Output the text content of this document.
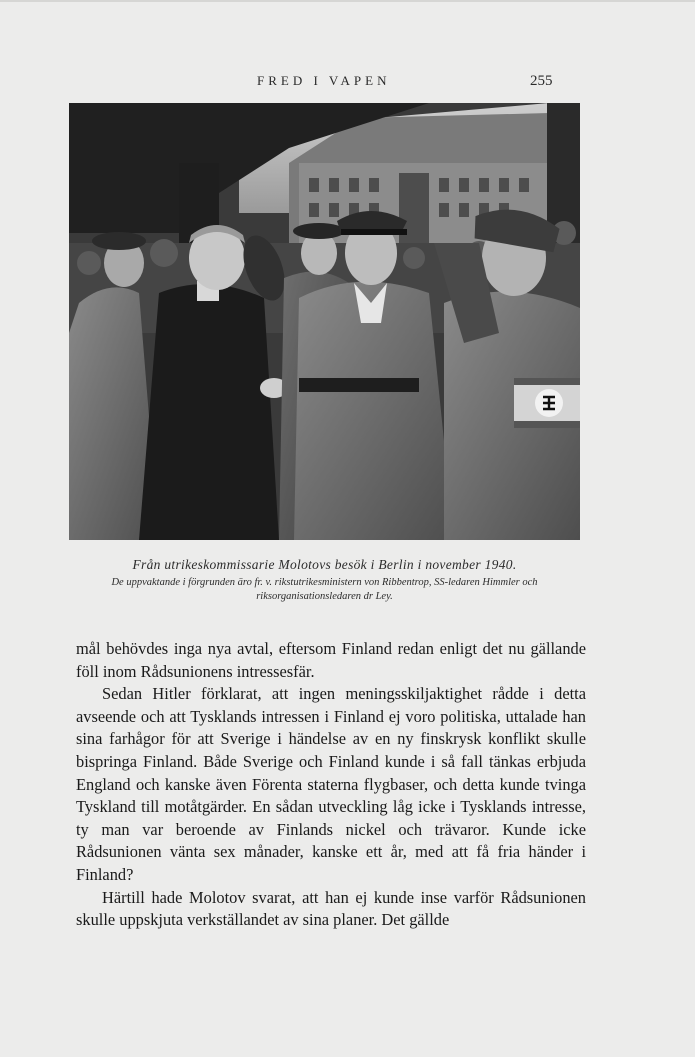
FRED I VAPEN	255
Från utrikeskommissarie Molotovs besök i Berlin i november 1940.
De uppvaktande i förgrunden äro fr. v. rikstutrikesministern von Ribbentrop, SS-ledaren Himmler och riksorganisationsledaren dr Ley.

mål behövdes inga nya avtal, eftersom Finland redan enligt det nu gällande föll inom Rådsunionens intressesfär.

Sedan Hitler förklarat, att ingen meningsskiljaktighet rådde i detta avseende och att Tysklands intressen i Finland ej voro politiska, uttalade han sina farhågor för att Sverige i händelse av en ny finskrysk konflikt skulle bispringa Finland. Både Sverige och Finland kunde i så fall tänkas erbjuda England och kanske även Förenta staterna flygbaser, och detta kunde tvinga Tyskland till motåtgärder. En sådan utveckling låg icke i Tysklands intresse, ty man var beroende av Finlands nickel och trävaror. Kunde icke Rådsunionen vänta sex månader, kanske ett år, med att få fria händer i Finland?

Härtill hade Molotov svarat, att han ej kunde inse varför Rådsunionen skulle uppskjuta verkställandet av sina planer. Det gällde
